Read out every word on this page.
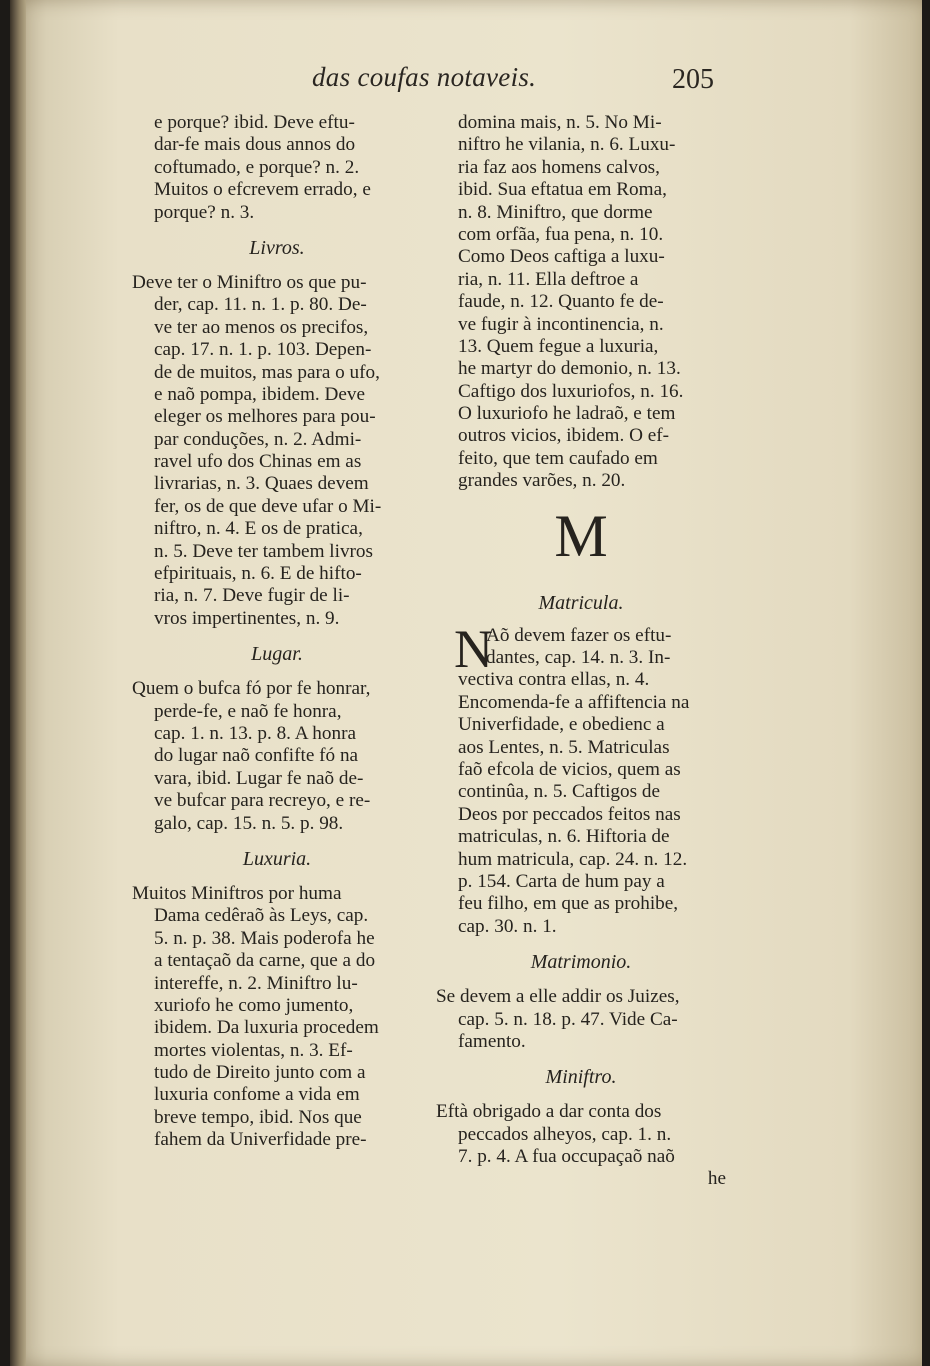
das coufas notaveis.	205
e porque? ibid. Deve eftu-
dar-fe mais dous annos do
coftumado, e porque? n. 2.
Muitos o efcrevem errado, e
porque? n. 3.
Livros.
Deve ter o Miniftro os que pu-
der, cap. 11. n. 1. p. 80. De-
ve ter ao menos os precifos,
cap. 17. n. 1. p. 103. Depen-
de de muitos, mas para o ufo,
e naõ pompa, ibidem. Deve
eleger os melhores para pou-
par conduções, n. 2. Admi-
ravel ufo dos Chinas em as
livrarias, n. 3. Quaes devem
fer, os de que deve ufar o Mi-
niftro, n. 4. E os de pratica,
n. 5. Deve ter tambem livros
efpirituais, n. 6. E de hifto-
ria, n. 7. Deve fugir de li-
vros impertinentes, n. 9.
Lugar.
Quem o bufca fó por fe honrar,
perde-fe, e naõ fe honra,
cap. 1. n. 13. p. 8. A honra
do lugar naõ confifte fó na
vara, ibid. Lugar fe naõ de-
ve bufcar para recreyo, e re-
galo, cap. 15. n. 5. p. 98.
Luxuria.
Muitos Miniftros por huma
Dama cedêraõ às Leys, cap.
5. n. p. 38. Mais poderofa he
a tentaçaõ da carne, que a do
intereffe, n. 2. Miniftro lu-
xuriofo he como jumento,
ibidem. Da luxuria procedem
mortes violentas, n. 3. Ef-
tudo de Direito junto com a
luxuria confome a vida em
breve tempo, ibid. Nos que
fahem da Univerfidade pre-
domina mais, n. 5. No Mi-
niftro he vilania, n. 6. Luxu-
ria faz aos homens calvos,
ibid. Sua eftatua em Roma,
n. 8. Miniftro, que dorme
com orfãa, fua pena, n. 10.
Como Deos caftiga a luxu-
ria, n. 11. Ella deftroe a
faude, n. 12. Quanto fe de-
ve fugir à incontinencia, n.
13. Quem fegue a luxuria,
he martyr do demonio, n. 13.
Caftigo dos luxuriofos, n. 16.
O luxuriofo he ladraõ, e tem
outros vicios, ibidem. O ef-
feito, que tem caufado em
grandes varões, n. 20.
M
Matricula.
N
Aõ devem fazer os eftu-
dantes, cap. 14. n. 3. In-
vectiva contra ellas, n. 4.
Encomenda-fe a affiftencia na
Univerfidade, e obedienc a
aos Lentes, n. 5. Matriculas
faõ efcola de vicios, quem as
continûa, n. 5. Caftigos de
Deos por peccados feitos nas
matriculas, n. 6. Hiftoria de
hum matricula, cap. 24. n. 12.
p. 154. Carta de hum pay a
feu filho, em que as prohibe,
cap. 30. n. 1.
Matrimonio.
Se devem a elle addir os Juizes,
cap. 5. n. 18. p. 47. Vide Ca-
famento.
Miniftro.
Eftà obrigado a dar conta dos
peccados alheyos, cap. 1. n.
7. p. 4. A fua occupaçaõ naõ
he
